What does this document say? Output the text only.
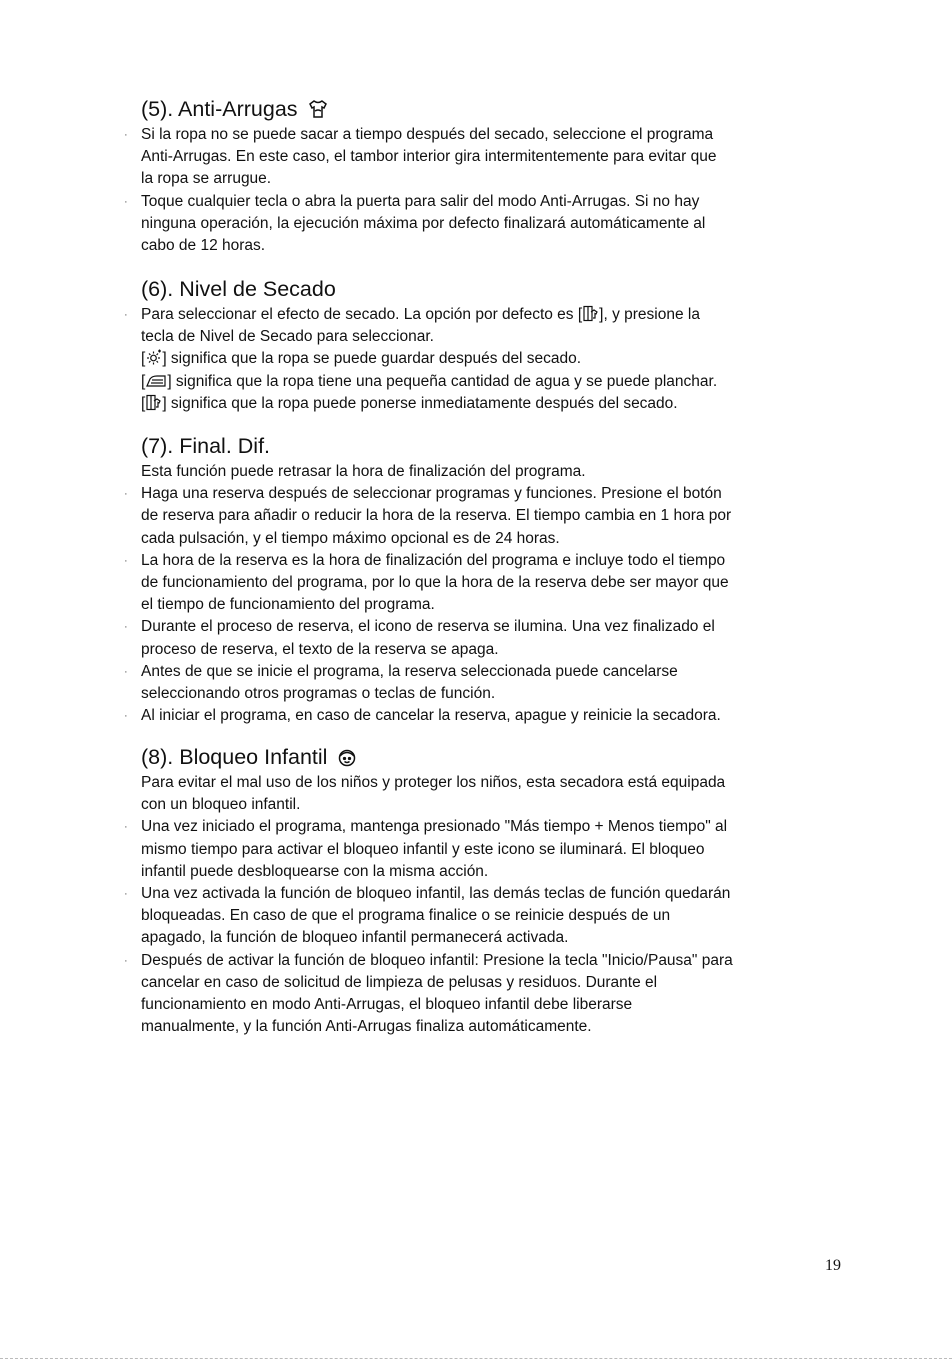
(5). Anti-Arrugas

· Si la ropa no se puede sacar a tiempo después del secado, seleccione el programa

Anti-Arrugas. En este caso, el tambor interior gira intermitentemente para evitar que

la ropa se arrugue.

· Toque cualquier tecla o abra la puerta para salir del modo Anti-Arrugas. Si no hay

ninguna operación, la ejecución máxima por defecto finalizará automáticamente al

cabo de 12 horas.

(6). Nivel de Secado

· Para seleccionar el efecto de secado. La opción por defecto es [ ], y presione la

tecla de Nivel de Secado para seleccionar.

[ ] significa que la ropa se puede guardar después del secado.

[ ] significa que la ropa tiene una pequeña cantidad de agua y se puede planchar.

[ ] significa que la ropa puede ponerse inmediatamente después del secado.

(7). Final. Dif.

Esta función puede retrasar la hora de finalización del programa.

· Haga una reserva después de seleccionar programas y funciones. Presione el botón

de reserva para añadir o reducir la hora de la reserva. El tiempo cambia en 1 hora por

cada pulsación, y el tiempo máximo opcional es de 24 horas.

· La hora de la reserva es la hora de finalización del programa e incluye todo el tiempo

de funcionamiento del programa, por lo que la hora de la reserva debe ser mayor que

el tiempo de funcionamiento del programa.

· Durante el proceso de reserva, el icono de reserva se ilumina. Una vez finalizado el

proceso de reserva, el texto de la reserva se apaga.

· Antes de que se inicie el programa, la reserva seleccionada puede cancelarse

seleccionando otros programas o teclas de función.

· Al iniciar el programa, en caso de cancelar la reserva, apague y reinicie la secadora.

(8). Bloqueo Infantil

Para evitar el mal uso de los niños y proteger los niños, esta secadora está equipada

con un bloqueo infantil.

· Una vez iniciado el programa, mantenga presionado "Más tiempo + Menos tiempo" al

mismo tiempo para activar el bloqueo infantil y este icono se iluminará. El bloqueo

infantil puede desbloquearse con la misma acción.

· Una vez activada la función de bloqueo infantil, las demás teclas de función quedarán

bloqueadas. En caso de que el programa finalice o se reinicie después de un

apagado, la función de bloqueo infantil permanecerá activada.

· Después de activar la función de bloqueo infantil: Presione la tecla "Inicio/Pausa" para

cancelar en caso de solicitud de limpieza de pelusas y residuos. Durante el

funcionamiento en modo Anti-Arrugas, el bloqueo infantil debe liberarse

manualmente, y la función Anti-Arrugas finaliza automáticamente.

19
